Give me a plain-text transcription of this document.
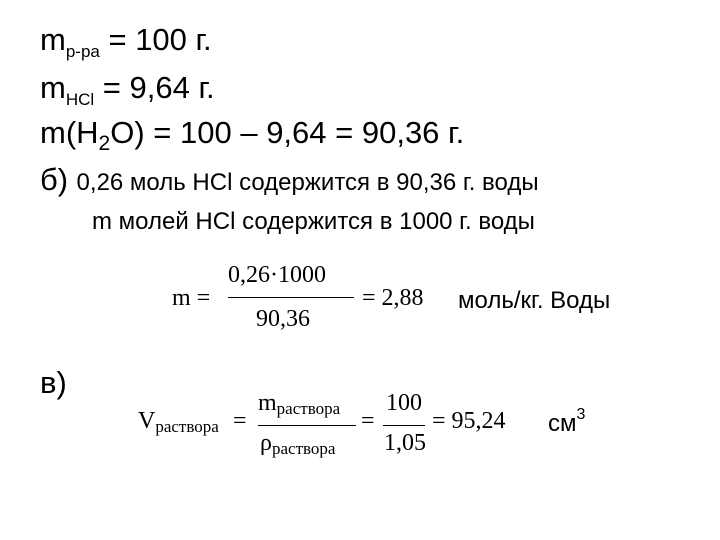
$m_{р-ра} = 100$ г.
$m_{HCl} = 9,64$ г.
$m(H_2O) = 100 - 9,64 = 90,36$ г.
б) 0,26 моль HCl содержится в 90,36 г. воды
m молей HCl содержится в 1000 г. воды
m =
0,26·1000
90,36
= 2,88 моль/кг. Воды
в)
Vраствора =
mраствора
ρраствора
=
100
1,05
= 95,24 $см^3$
